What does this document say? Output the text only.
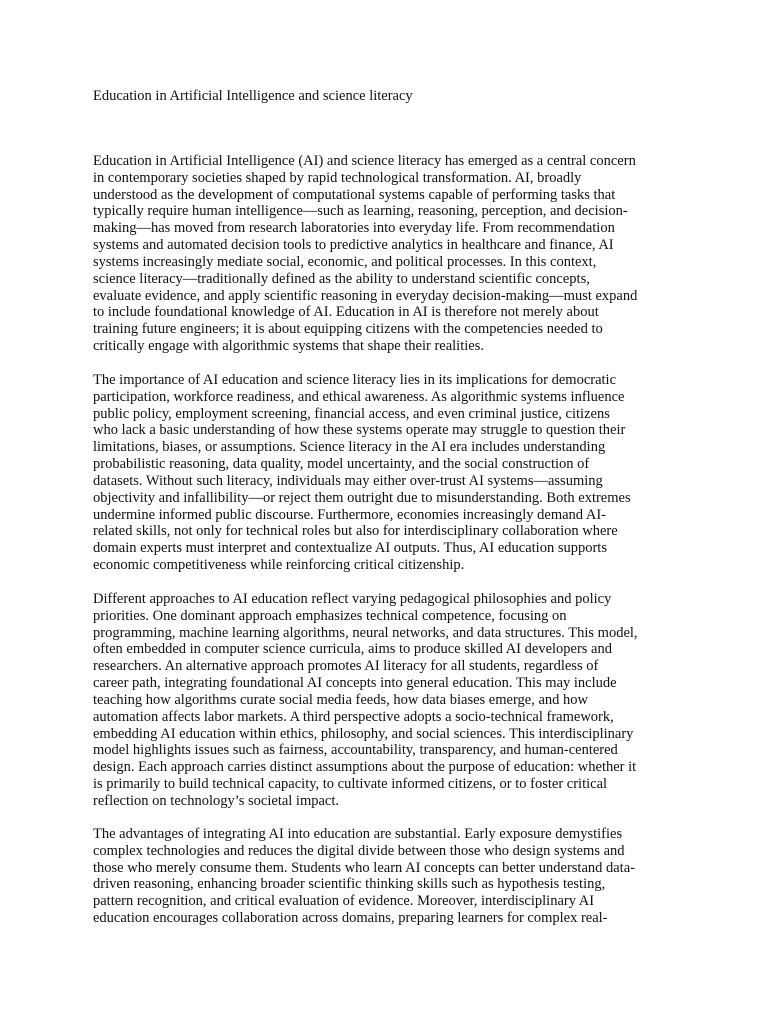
Education in Artificial Intelligence and science literacy
Education in Artificial Intelligence (AI) and science literacy has emerged as a central concern
in contemporary societies shaped by rapid technological transformation. AI, broadly
understood as the development of computational systems capable of performing tasks that
typically require human intelligence—such as learning, reasoning, perception, and decision-
making—has moved from research laboratories into everyday life. From recommendation
systems and automated decision tools to predictive analytics in healthcare and finance, AI
systems increasingly mediate social, economic, and political processes. In this context,
science literacy—traditionally defined as the ability to understand scientific concepts,
evaluate evidence, and apply scientific reasoning in everyday decision-making—must expand
to include foundational knowledge of AI. Education in AI is therefore not merely about
training future engineers; it is about equipping citizens with the competencies needed to
critically engage with algorithmic systems that shape their realities.
The importance of AI education and science literacy lies in its implications for democratic
participation, workforce readiness, and ethical awareness. As algorithmic systems influence
public policy, employment screening, financial access, and even criminal justice, citizens
who lack a basic understanding of how these systems operate may struggle to question their
limitations, biases, or assumptions. Science literacy in the AI era includes understanding
probabilistic reasoning, data quality, model uncertainty, and the social construction of
datasets. Without such literacy, individuals may either over-trust AI systems—assuming
objectivity and infallibility—or reject them outright due to misunderstanding. Both extremes
undermine informed public discourse. Furthermore, economies increasingly demand AI-
related skills, not only for technical roles but also for interdisciplinary collaboration where
domain experts must interpret and contextualize AI outputs. Thus, AI education supports
economic competitiveness while reinforcing critical citizenship.
Different approaches to AI education reflect varying pedagogical philosophies and policy
priorities. One dominant approach emphasizes technical competence, focusing on
programming, machine learning algorithms, neural networks, and data structures. This model,
often embedded in computer science curricula, aims to produce skilled AI developers and
researchers. An alternative approach promotes AI literacy for all students, regardless of
career path, integrating foundational AI concepts into general education. This may include
teaching how algorithms curate social media feeds, how data biases emerge, and how
automation affects labor markets. A third perspective adopts a socio-technical framework,
embedding AI education within ethics, philosophy, and social sciences. This interdisciplinary
model highlights issues such as fairness, accountability, transparency, and human-centered
design. Each approach carries distinct assumptions about the purpose of education: whether it
is primarily to build technical capacity, to cultivate informed citizens, or to foster critical
reflection on technology’s societal impact.
The advantages of integrating AI into education are substantial. Early exposure demystifies
complex technologies and reduces the digital divide between those who design systems and
those who merely consume them. Students who learn AI concepts can better understand data-
driven reasoning, enhancing broader scientific thinking skills such as hypothesis testing,
pattern recognition, and critical evaluation of evidence. Moreover, interdisciplinary AI
education encourages collaboration across domains, preparing learners for complex real-
